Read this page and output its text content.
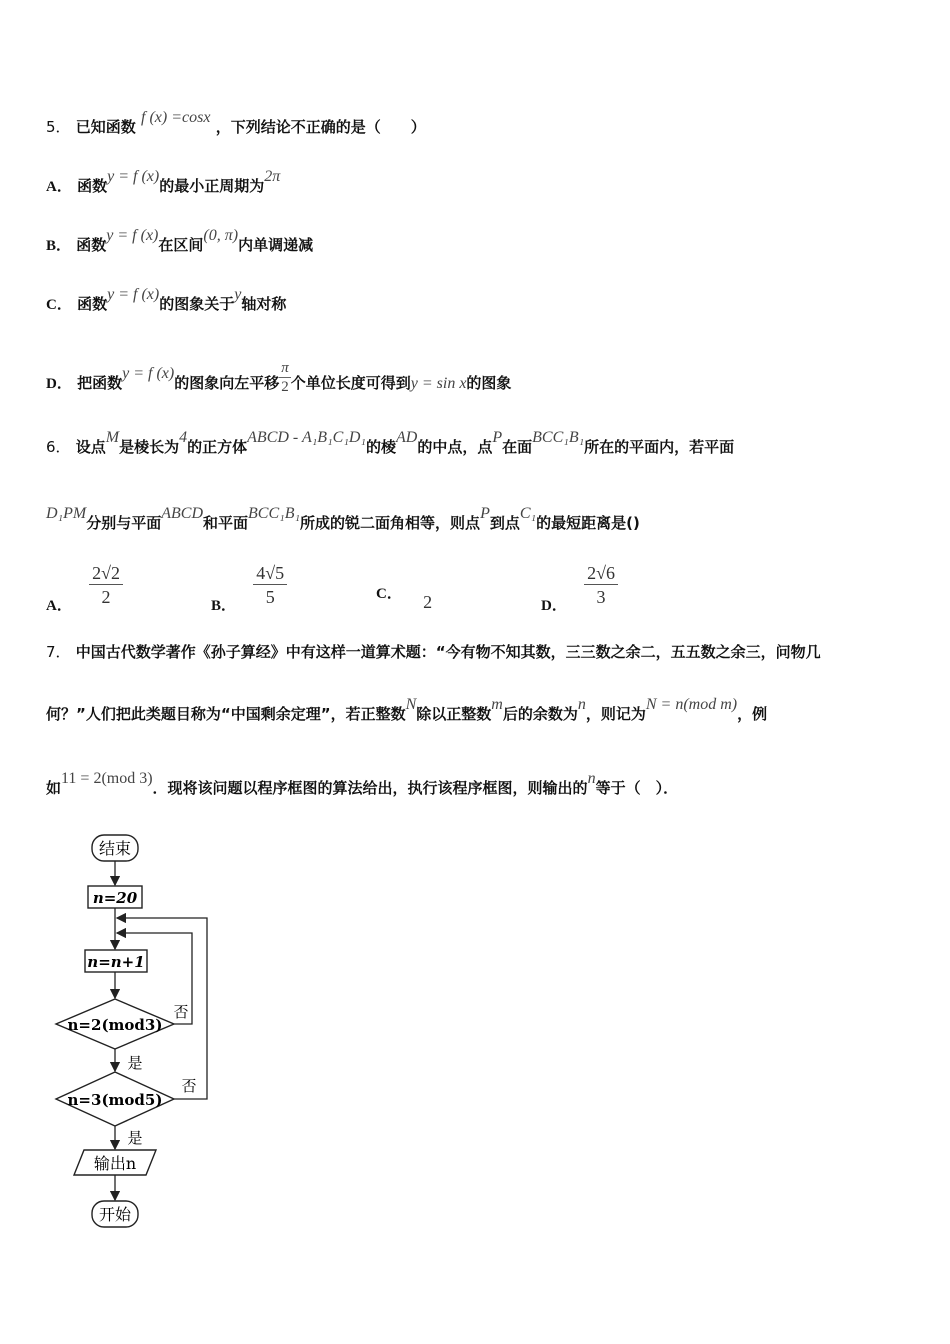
5． 已知函数 f (x) =cosx ，下列结论不正确的是（　　）
A． 函数y = f (x)的最小正周期为2π
B． 函数y = f (x)在区间(0, π)内单调递减
C． 函数y = f (x)的图象关于y轴对称
D． 把函数y = f (x)的图象向左平移 $\frac{\pi}{2}$ 个单位长度可得到y = sin x的图象
6． 设点M是棱长为4的正方体ABCD - A₁B₁C₁D₁的棱AD的中点，点P在面BCC₁B₁所在的平面内，若平面
D₁PM分别与平面ABCD和平面BCC₁B₁所成的锐二面角相等，则点P到点C₁的最短距离是()
A． $\frac{2√2}{2}$	B． $\frac{4√5}{5}$	C． 2	D． $\frac{2√6}{3}$
7． 中国古代数学著作《孙子算经》中有这样一道算术题：“今有物不知其数，三三数之余二，五五数之余三，问物几
何？”人们把此类题目称为“中国剩余定理”，若正整数N除以正整数m后的余数为n，则记为N = n(mod m)，例
如11 = 2(mod 3)．现将该问题以程序框图的算法给出，执行该程序框图，则输出的n等于（　）．
结束
n=20
n=n+1
n=2(mod3)
否
是
n=3(mod5)
否
是
输出n
开始
